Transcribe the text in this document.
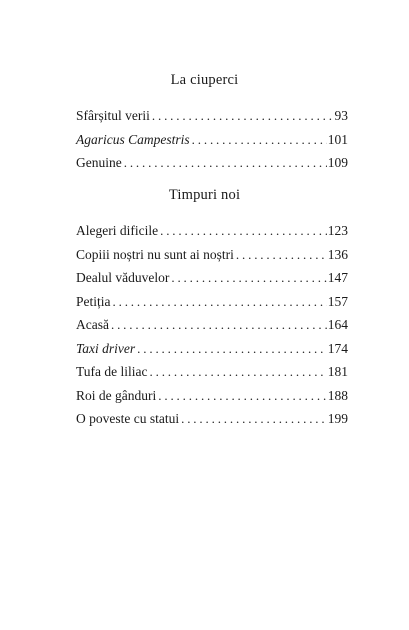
La ciuperci
Sfârșitul verii . . .	93
Agaricus Campestris . . .	101
Genuine . . .	109
Timpuri noi
Alegeri dificile . . .	123
Copiii noștri nu sunt ai noștri . . .	136
Dealul văduvelor . . .	147
Petiția . . .	157
Acasă . . .	164
Taxi driver . . .	174
Tufa de liliac . . .	181
Roi de gânduri . . .	188
O poveste cu statui . . .	199
